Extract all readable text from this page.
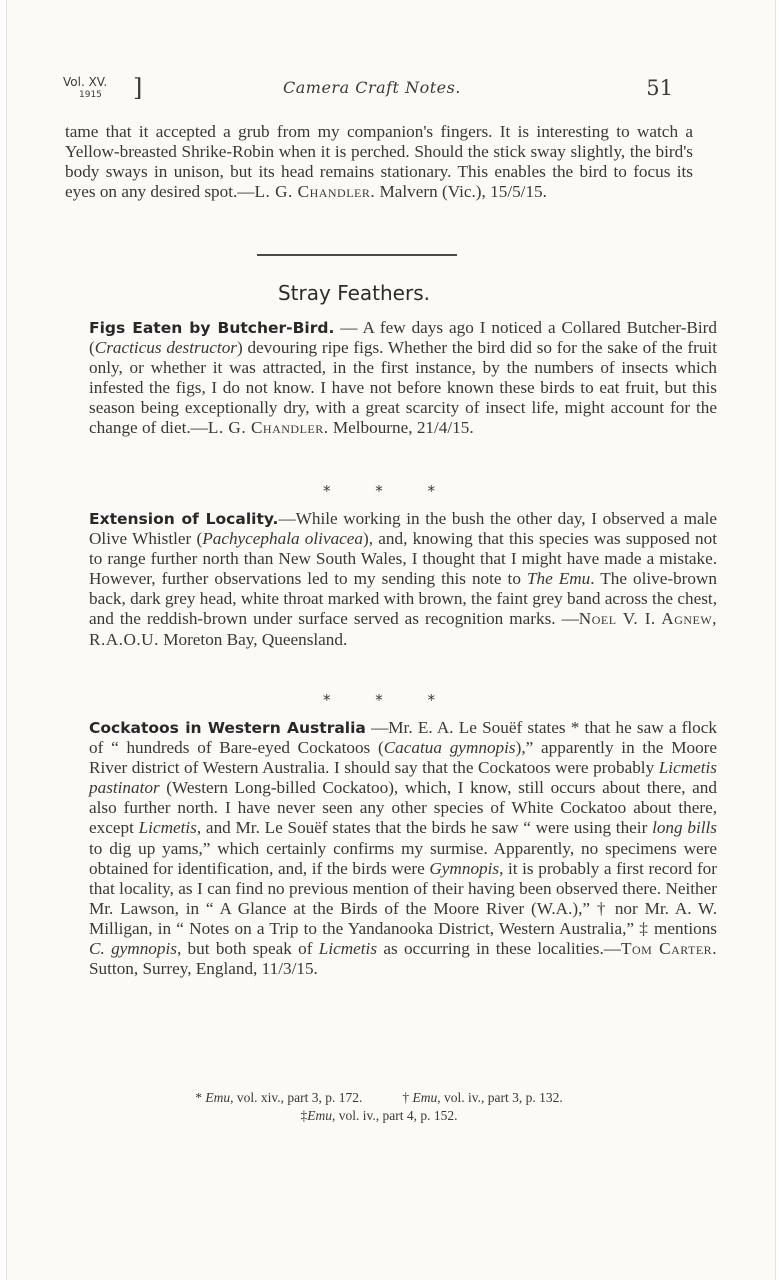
Vol. XV.
1915 ]	Camera Craft Notes.	51

tame that it accepted a grub from my companion's fingers. It is interesting to watch a Yellow-breasted Shrike-Robin when it is perched. Should the stick sway slightly, the bird's body sways in unison, but its head remains stationary. This enables the bird to focus its eyes on any desired spot.—L. G. Chandler. Malvern (Vic.), 15/5/15.

Stray Feathers.

Figs Eaten by Butcher-Bird. — A few days ago I noticed a Collared Butcher-Bird (Cracticus destructor) devouring ripe figs. Whether the bird did so for the sake of the fruit only, or whether it was attracted, in the first instance, by the numbers of insects which infested the figs, I do not know. I have not before known these birds to eat fruit, but this season being exceptionally dry, with a great scarcity of insect life, might account for the change of diet.—L. G. Chandler. Melbourne, 21/4/15.

* * *

Extension of Locality.—While working in the bush the other day, I observed a male Olive Whistler (Pachycephala olivacea), and, knowing that this species was supposed not to range further north than New South Wales, I thought that I might have made a mistake. However, further observations led to my sending this note to The Emu. The olive-brown back, dark grey head, white throat marked with brown, the faint grey band across the chest, and the reddish-brown under surface served as recognition marks. —Noel V. I. Agnew, R.A.O.U. Moreton Bay, Queensland.

* * *

Cockatoos in Western Australia —Mr. E. A. Le Souëf states * that he saw a flock of “ hundreds of Bare-eyed Cockatoos (Cacatua gymnopis),” apparently in the Moore River district of Western Australia. I should say that the Cockatoos were probably Licmetis pastinator (Western Long-billed Cockatoo), which, I know, still occurs about there, and also further north. I have never seen any other species of White Cockatoo about there, except Licmetis, and Mr. Le Souëf states that the birds he saw “ were using their long bills to dig up yams,” which certainly confirms my surmise. Apparently, no specimens were obtained for identification, and, if the birds were Gymnopis, it is probably a first record for that locality, as I can find no previous mention of their having been observed there. Neither Mr. Lawson, in “ A Glance at the Birds of the Moore River (W.A.),” † nor Mr. A. W. Milligan, in “ Notes on a Trip to the Yandanooka District, Western Australia,” ‡ mentions C. gymnopis, but both speak of Licmetis as occurring in these localities.—Tom Carter. Sutton, Surrey, England, 11/3/15.

* Emu, vol. xiv., part 3, p. 172.	† Emu, vol. iv., part 3, p. 132.
‡Emu, vol. iv., part 4, p. 152.
